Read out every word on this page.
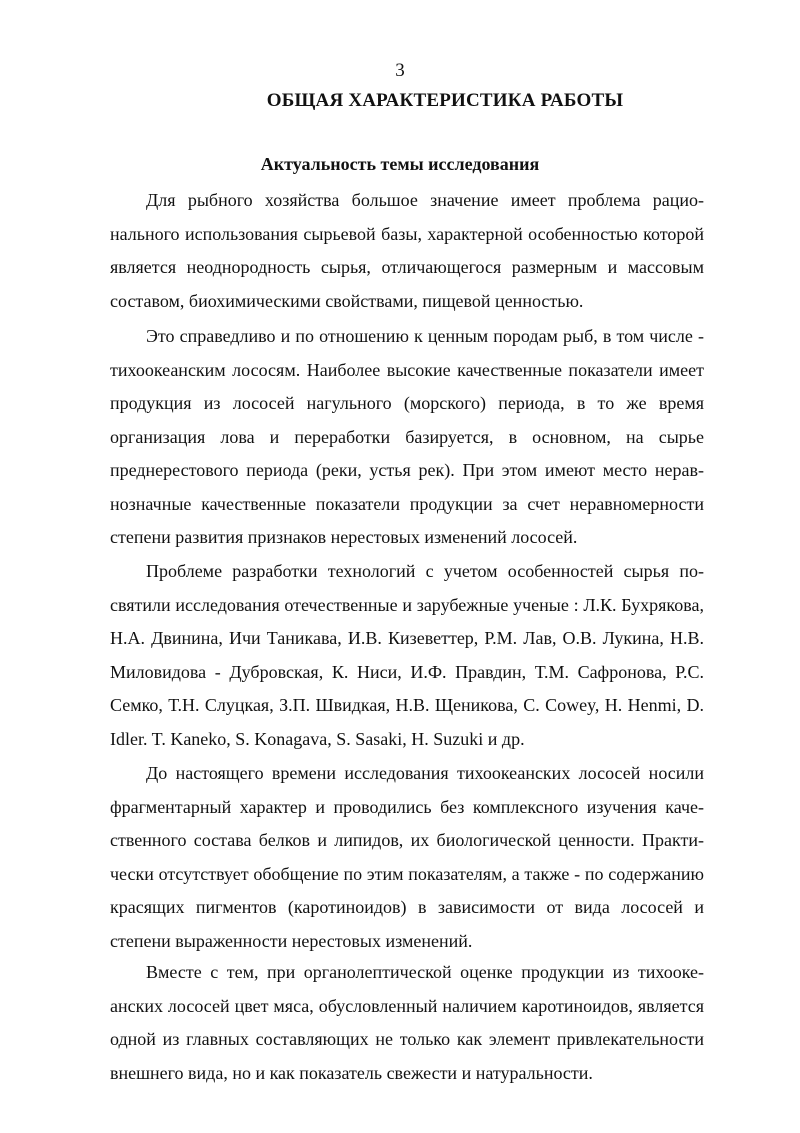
3
ОБЩАЯ ХАРАКТЕРИСТИКА РАБОТЫ
Актуальность темы исследования

Для рыбного хозяйства большое значение имеет проблема рационального использования сырьевой базы, характерной особенностью которой является неоднородность сырья, отличающегося размерным и массовым составом, биохимическими свойствами, пищевой ценностью.

Это справедливо и по отношению к ценным породам рыб, в том числе - тихоокеанским лососям. Наиболее высокие качественные показатели имеет продукция из лососей нагульного (морского) периода, в то же время организация лова и переработки базируется, в основном, на сырье преднерестового периода (реки, устья рек). При этом имеют место неравнозначные качественные показатели продукции за счет неравномерности степени развития признаков нерестовых изменений лососей.

Проблеме разработки технологий с учетом особенностей сырья посвятили исследования отечественные и зарубежные ученые : Л.К. Бухрякова, Н.А. Двинина, Ичи Таникава, И.В. Кизеветтер, Р.М. Лав, О.В. Лукина, Н.В. Миловидова - Дубровская, К. Ниси, И.Ф. Правдин, Т.М. Сафронова, Р.С. Семко, Т.Н. Слуцкая, З.П. Швидкая, Н.В. Щеникова, C. Cowey, H. Henmi, D. Idler. T. Kaneko, S. Konagava, S. Sasaki, H. Suzuki и др.

До настоящего времени исследования тихоокеанских лососей носили фрагментарный характер и проводились без комплексного изучения качественного состава белков и липидов, их биологической ценности. Практически отсутствует обобщение по этим показателям, а также - по содержанию красящих пигментов (каротиноидов) в зависимости от вида лососей и степени выраженности нерестовых изменений.

Вместе с тем, при органолептической оценке продукции из тихоокеанских лососей цвет мяса, обусловленный наличием каротиноидов, является одной из главных составляющих не только как элемент привлекательности внешнего вида, но и как показатель свежести и натуральности.
